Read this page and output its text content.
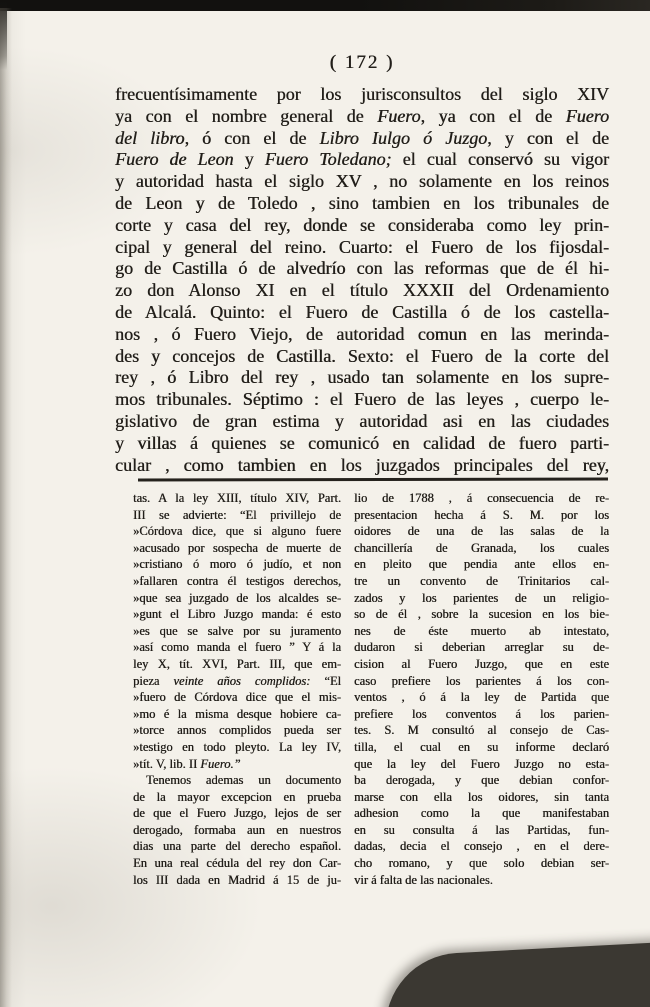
( 172 )
frecuentísimamente por los jurisconsultos del siglo XIV
ya con el nombre general de Fuero, ya con el de Fuero
del libro, ó con el de Libro Iulgo ó Juzgo, y con el de
Fuero de Leon y Fuero Toledano; el cual conservó su vigor
y autoridad hasta el siglo XV , no solamente en los reinos
de Leon y de Toledo , sino tambien en los tribunales de
corte y casa del rey, donde se consideraba como ley prin-
cipal y general del reino. Cuarto: el Fuero de los fijosdal-
go de Castilla ó de alvedrío con las reformas que de él hi-
zo don Alonso XI en el título XXXII del Ordenamiento
de Alcalá. Quinto: el Fuero de Castilla ó de los castella-
nos , ó Fuero Viejo, de autoridad comun en las merinda-
des y concejos de Castilla. Sexto: el Fuero de la corte del
rey , ó Libro del rey , usado tan solamente en los supre-
mos tribunales. Séptimo : el Fuero de las leyes , cuerpo le-
gislativo de gran estima y autoridad asi en las ciudades
y villas á quienes se comunicó en calidad de fuero parti-
cular , como tambien en los juzgados principales del rey,
tas. A la ley XIII, título XIV, Part.
III se advierte: “El privillejo de
»Córdova dice, que si alguno fuere
»acusado por sospecha de muerte de
»cristiano ó moro ó judío, et non
»fallaren contra él testigos derechos,
»que sea juzgado de los alcaldes se-
»gunt el Libro Juzgo manda: é esto
»es que se salve por su juramento
»así como manda el fuero ” Y á la
ley X, tít. XVI, Part. III, que em-
pieza veinte años complidos: “El
»fuero de Córdova dice que el mis-
»mo é la misma desque hobiere ca-
»torce annos complidos pueda ser
»testigo en todo pleyto. La ley IV,
»tít. V, lib. II Fuero.”
Tenemos ademas un documento
de la mayor excepcion en prueba
de que el Fuero Juzgo, lejos de ser
derogado, formaba aun en nuestros
dias una parte del derecho español.
En una real cédula del rey don Car-
los III dada en Madrid á 15 de ju-
lio de 1788 , á consecuencia de re-
presentacion hecha á S. M. por los
oidores de una de las salas de la
chancillería de Granada, los cuales
en pleito que pendia ante ellos en-
tre un convento de Trinitarios cal-
zados y los parientes de un religio-
so de él , sobre la sucesion en los bie-
nes de éste muerto ab intestato,
dudaron si deberian arreglar su de-
cision al Fuero Juzgo, que en este
caso prefiere los parientes á los con-
ventos , ó á la ley de Partida que
prefiere los conventos á los parien-
tes. S. M consultó al consejo de Cas-
tilla, el cual en su informe declaró
que la ley del Fuero Juzgo no esta-
ba derogada, y que debian confor-
marse con ella los oidores, sin tanta
adhesion como la que manifestaban
en su consulta á las Partidas, fun-
dadas, decia el consejo , en el dere-
cho romano, y que solo debian ser-
vir á falta de las nacionales.
